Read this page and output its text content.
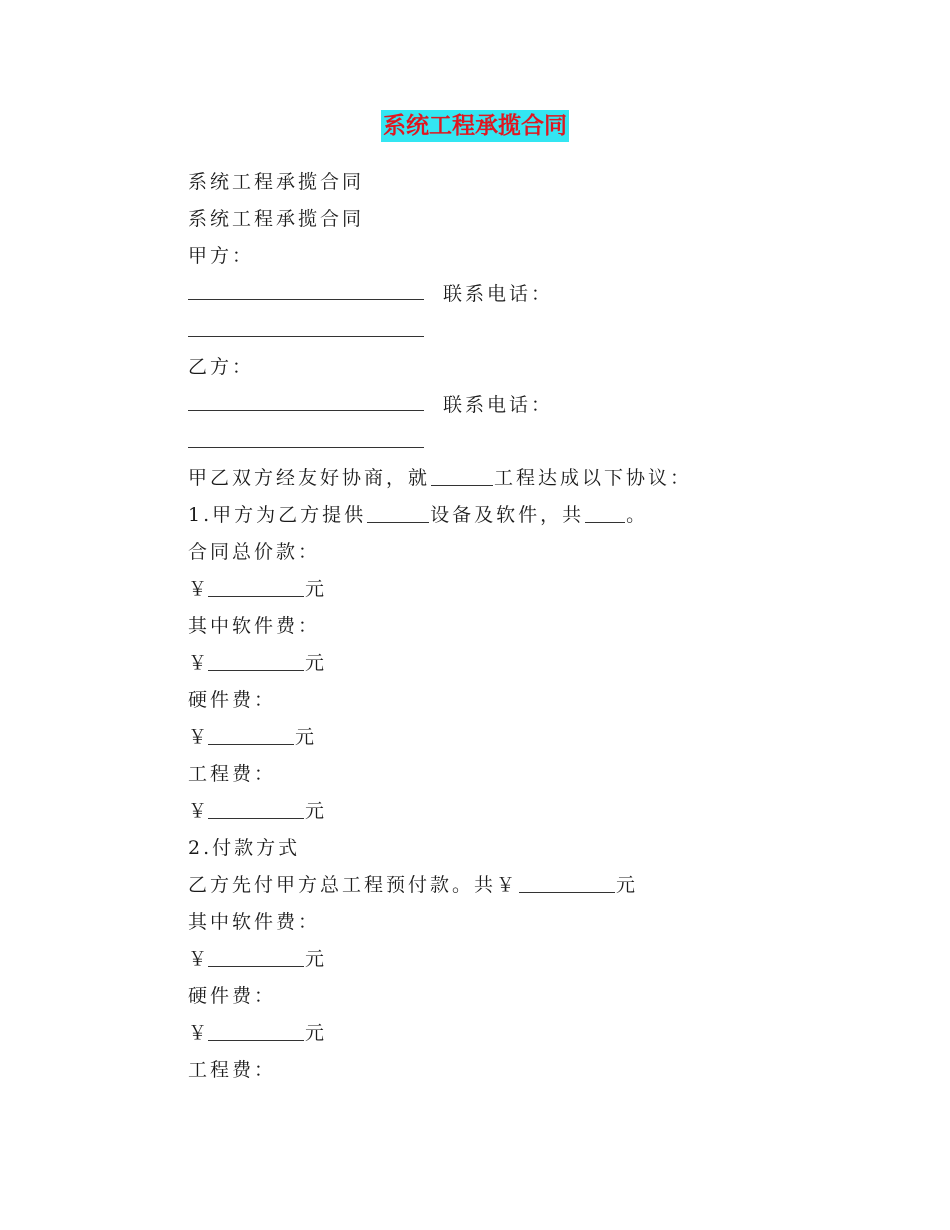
系统工程承揽合同
系统工程承揽合同
系统工程承揽合同
甲方：
联系电话：
乙方：
联系电话：
甲乙双方经友好协商，就	工程达成以下协议：
1.甲方为乙方提供	设备及软件，共 。
合同总价款：
￥	元
其中软件费：
￥	元
硬件费：
￥	元
工程费：
￥	元
2.付款方式
乙方先付甲方总工程预付款。共￥	元
其中软件费：
￥	元
硬件费：
￥	元
工程费：
